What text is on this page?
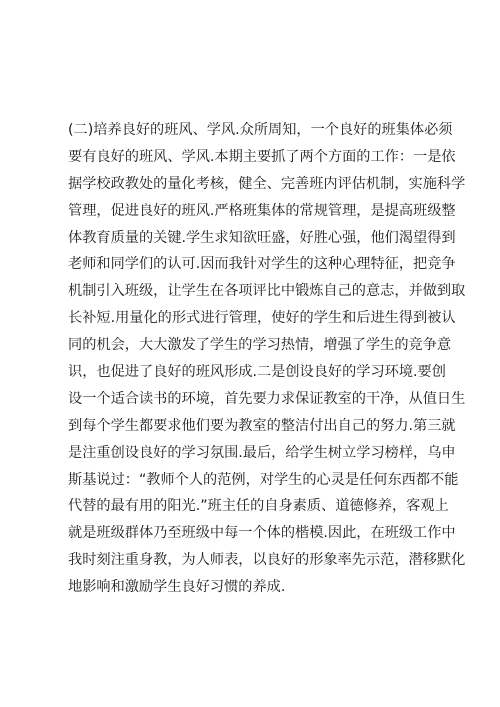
(二)培养良好的班风、学风.众所周知，一个良好的班集体必须
要有良好的班风、学风.本期主要抓了两个方面的工作：一是依
据学校政教处的量化考核，健全、完善班内评估机制，实施科学
管理，促进良好的班风.严格班集体的常规管理，是提高班级整
体教育质量的关键.学生求知欲旺盛，好胜心强，他们渴望得到
老师和同学们的认可.因而我针对学生的这种心理特征，把竞争
机制引入班级，让学生在各项评比中锻炼自己的意志，并做到取
长补短.用量化的形式进行管理，使好的学生和后进生得到被认
同的机会，大大激发了学生的学习热情，增强了学生的竞争意
识，也促进了良好的班风形成.二是创设良好的学习环境.要创
设一个适合读书的环境，首先要力求保证教室的干净，从值日生
到每个学生都要求他们要为教室的整洁付出自己的努力.第三就
是注重创设良好的学习氛围.最后，给学生树立学习榜样，乌申
斯基说过：“教师个人的范例，对学生的心灵是任何东西都不能
代替的最有用的阳光.”班主任的自身素质、道德修养，客观上
就是班级群体乃至班级中每一个体的楷模.因此，在班级工作中
我时刻注重身教，为人师表，以良好的形象率先示范，潜移默化
地影响和激励学生良好习惯的养成.
